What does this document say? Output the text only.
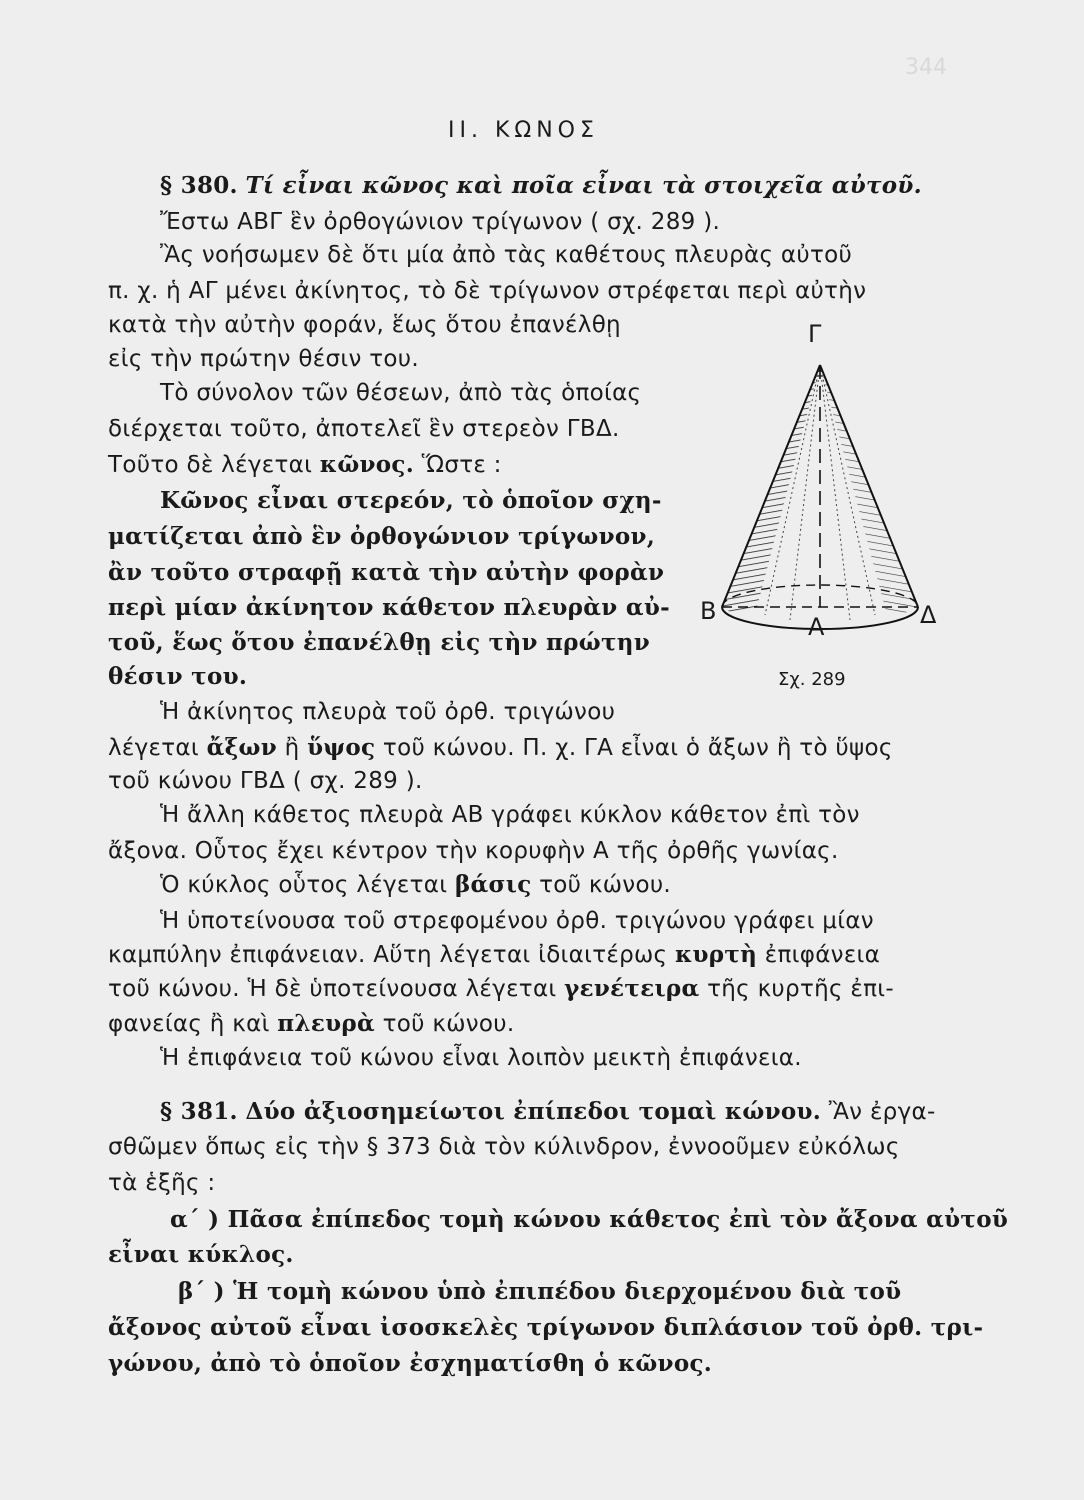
344
II. ΚΩΝΟΣ
§ 380. Τί εἶναι κῶνος καὶ ποῖα εἶναι τὰ στοιχεῖα αὐτοῦ.
Ἔστω ΑΒΓ ἓν ὀρθογώνιον τρίγωνον ( σχ. 289 ).
Ἂς νοήσωμεν δὲ ὅτι μία ἀπὸ τὰς καθέτους πλευρὰς αὐτοῦ
π. χ. ἡ ΑΓ μένει ἀκίνητος, τὸ δὲ τρίγωνον στρέφεται περὶ αὐτὴν
κατὰ τὴν αὐτὴν φοράν, ἕως ὅτου ἐπανέλθῃ
εἰς τὴν πρώτην θέσιν του.
Τὸ σύνολον τῶν θέσεων, ἀπὸ τὰς ὁποίας
διέρχεται τοῦτο, ἀποτελεῖ ἓν στερεὸν ΓΒΔ.
Τοῦτο δὲ λέγεται κῶνος. Ὥστε :
Κῶνος εἶναι στερεόν, τὸ ὁποῖον σχη-
ματίζεται ἀπὸ ἓν ὀρθογώνιον τρίγωνον,
ἂν τοῦτο στραφῇ κατὰ τὴν αὐτὴν φορὰν
περὶ μίαν ἀκίνητον κάθετον πλευρὰν αὐ-
τοῦ, ἕως ὅτου ἐπανέλθῃ εἰς τὴν πρώτην
θέσιν του.
Ἡ ἀκίνητος πλευρὰ τοῦ ὀρθ. τριγώνου
λέγεται ἄξων ἢ ὕψος τοῦ κώνου. Π. χ. ΓΑ εἶναι ὁ ἄξων ἢ τὸ ὕψος
τοῦ κώνου ΓΒΔ ( σχ. 289 ).
Ἡ ἄλλη κάθετος πλευρὰ ΑΒ γράφει κύκλον κάθετον ἐπὶ τὸν
ἄξονα. Οὗτος ἔχει κέντρον τὴν κορυφὴν Α τῆς ὀρθῆς γωνίας.
Ὁ κύκλος οὗτος λέγεται βάσις τοῦ κώνου.
Ἡ ὑποτείνουσα τοῦ στρεφομένου ὀρθ. τριγώνου γράφει μίαν
καμπύλην ἐπιφάνειαν. Αὕτη λέγεται ἰδιαιτέρως κυρτὴ ἐπιφάνεια
τοῦ κώνου. Ἡ δὲ ὑποτείνουσα λέγεται γενέτειρα τῆς κυρτῆς ἐπι-
φανείας ἢ καὶ πλευρὰ τοῦ κώνου.
Ἡ ἐπιφάνεια τοῦ κώνου εἶναι λοιπὸν μεικτὴ ἐπιφάνεια.
§ 381. Δύο ἀξιοσημείωτοι ἐπίπεδοι τομαὶ κώνου. Ἂν ἐργα-
σθῶμεν ὅπως εἰς τὴν § 373 διὰ τὸν κύλινδρον, ἐννοοῦμεν εὐκόλως
τὰ ἑξῆς :
α΄ ) Πᾶσα ἐπίπεδος τομὴ κώνου κάθετος ἐπὶ τὸν ἄξονα αὐτοῦ
εἶναι κύκλος.
β΄ ) Ἡ τομὴ κώνου ὑπὸ ἐπιπέδου διερχομένου διὰ τοῦ
ἄξονος αὐτοῦ εἶναι ἰσοσκελὲς τρίγωνον διπλάσιον τοῦ ὀρθ. τρι-
γώνου, ἀπὸ τὸ ὁποῖον ἐσχηματίσθη ὁ κῶνος.
Γ
Β
Α	Δ
Σχ. 289
